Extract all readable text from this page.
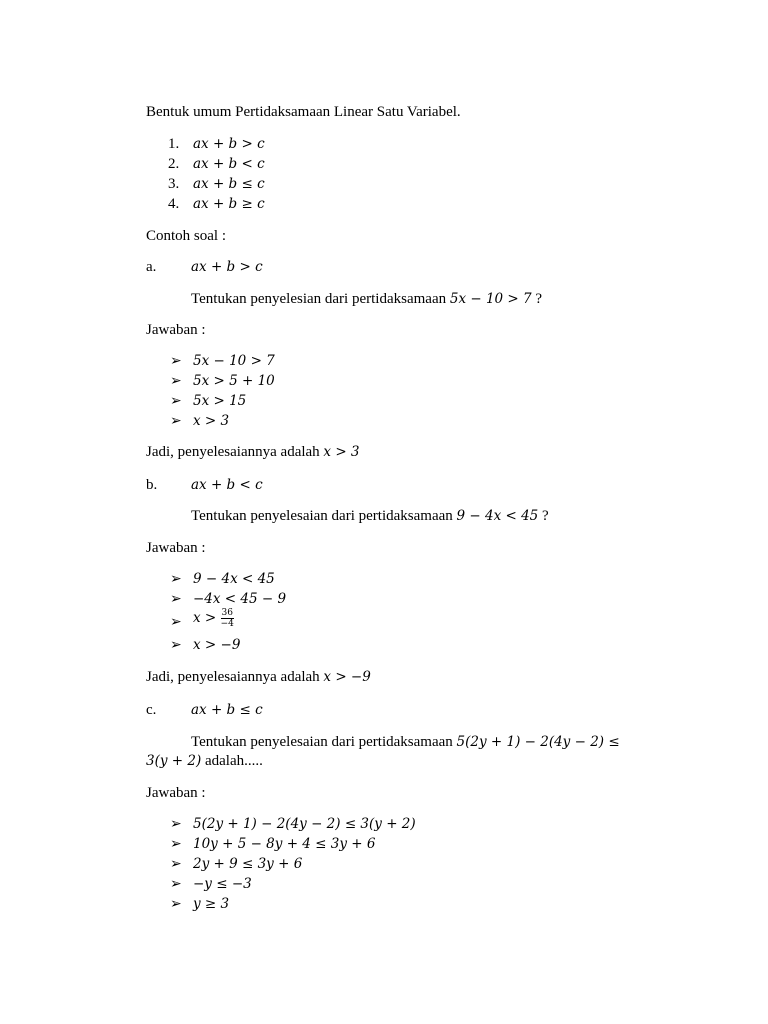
Bentuk umum Pertidaksamaan Linear Satu Variabel.
1. ax + b > c
2. ax + b < c
3. ax + b ≤ c
4. ax + b ≥ c
Contoh soal :
a.	ax + b > c
Tentukan penyelesian dari pertidaksamaan 5x − 10 > 7 ?
Jawaban :
➢ 5x − 10 > 7
➢ 5x > 5 + 10
➢ 5x > 15
➢ x > 3
Jadi, penyelesaiannya adalah x > 3
b.	ax + b < c
Tentukan penyelesaian dari pertidaksamaan 9 − 4x < 45 ?
Jawaban :
➢ 9 − 4x < 45
➢ −4x < 45 − 9
➢ $x > \frac{36}{-4}$
➢ x > −9
Jadi, penyelesaiannya adalah x > −9
c.	ax + b ≤ c
Tentukan penyelesaian dari pertidaksamaan 5(2y + 1) − 2(4y − 2) ≤
3(y + 2) adalah.....
Jawaban :
➢ 5(2y + 1) − 2(4y − 2) ≤ 3(y + 2)
➢ 10y + 5 − 8y + 4 ≤ 3y + 6
➢ 2y + 9 ≤ 3y + 6
➢ −y ≤ −3
➢ y ≥ 3
